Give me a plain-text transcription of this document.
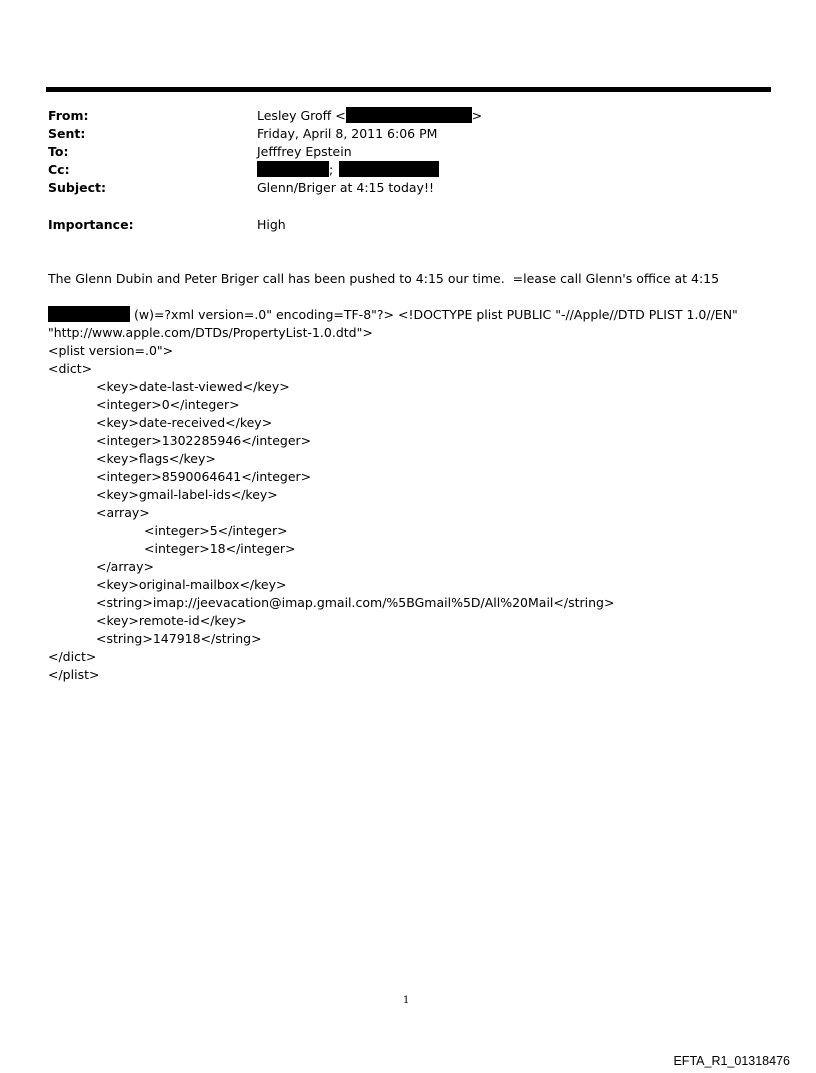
From:	Lesley Groff <	>
Sent:	Friday, April 8, 2011 6:06 PM
To:	Jefffrey Epstein
Cc:	;
Subject:	Glenn/Briger at 4:15 today!!
Importance:	High
The Glenn Dubin and Peter Briger call has been pushed to 4:15 our time.  =lease call Glenn's office at 4:15
(w)=?xml version=.0" encoding=TF-8"?> <!DOCTYPE plist PUBLIC "-//Apple//DTD PLIST 1.0//EN"
"http://www.apple.com/DTDs/PropertyList-1.0.dtd">
<plist version=.0">
<dict>
<key>date-last-viewed</key>
<integer>0</integer>
<key>date-received</key>
<integer>1302285946</integer>
<key>flags</key>
<integer>8590064641</integer>
<key>gmail-label-ids</key>
<array>
<integer>5</integer>
<integer>18</integer>
</array>
<key>original-mailbox</key>
<string>imap://jeevacation@imap.gmail.com/%5BGmail%5D/All%20Mail</string>
<key>remote-id</key>
<string>147918</string>
</dict>
</plist>
1
EFTA_R1_01318476
